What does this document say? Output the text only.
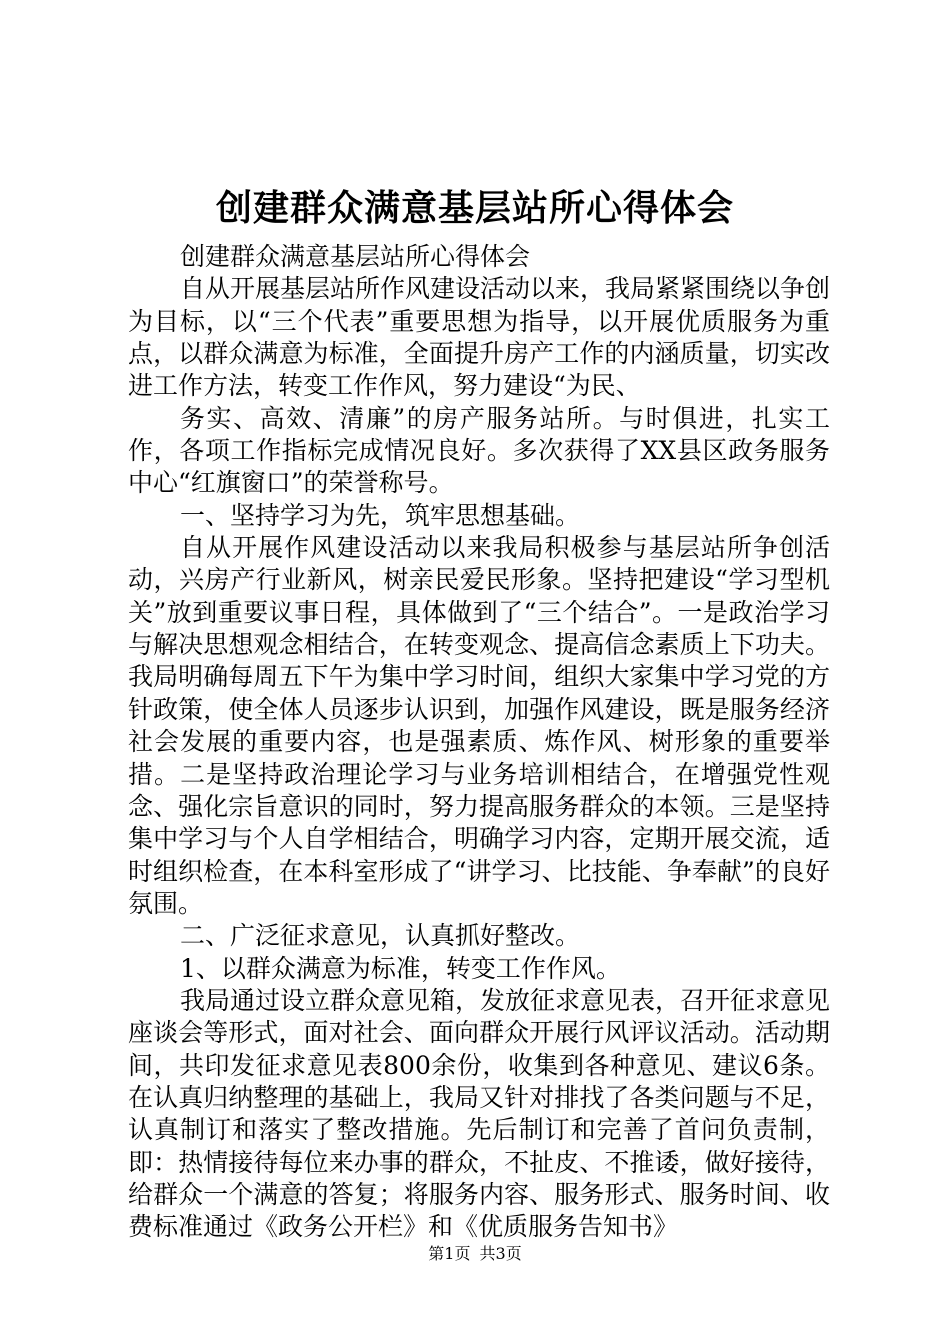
创建群众满意基层站所心得体会

创建群众满意基层站所心得体会

自从开展基层站所作风建设活动以来，我局紧紧围绕以争创为目标，以“三个代表”重要思想为指导，以开展优质服务为重点，以群众满意为标准，全面提升房产工作的内涵质量，切实改进工作方法，转变工作作风，努力建设“为民、

务实、高效、清廉”的房产服务站所。与时俱进，扎实工作，各项工作指标完成情况良好。多次获得了XX县区政务服务中心“红旗窗口”的荣誉称号。

一、坚持学习为先，筑牢思想基础。

自从开展作风建设活动以来我局积极参与基层站所争创活动，兴房产行业新风，树亲民爱民形象。坚持把建设“学习型机关”放到重要议事日程，具体做到了“三个结合”。一是政治学习与解决思想观念相结合，在转变观念、提高信念素质上下功夫。我局明确每周五下午为集中学习时间，组织大家集中学习党的方针政策，使全体人员逐步认识到，加强作风建设，既是服务经济社会发展的重要内容，也是强素质、炼作风、树形象的重要举措。二是坚持政治理论学习与业务培训相结合，在增强党性观念、强化宗旨意识的同时，努力提高服务群众的本领。三是坚持集中学习与个人自学相结合，明确学习内容，定期开展交流，适时组织检查，在本科室形成了“讲学习、比技能、争奉献”的良好氛围。

二、广泛征求意见，认真抓好整改。

1、以群众满意为标准，转变工作作风。

我局通过设立群众意见箱，发放征求意见表，召开征求意见座谈会等形式，面对社会、面向群众开展行风评议活动。活动期间，共印发征求意见表800余份，收集到各种意见、建议6条。在认真归纳整理的基础上，我局又针对排找了各类问题与不足，认真制订和落实了整改措施。先后制订和完善了首问负责制，即：热情接待每位来办事的群众，不扯皮、不推诿，做好接待，给群众一个满意的答复；将服务内容、服务形式、服务时间、收费标准通过《政务公开栏》和《优质服务告知书》

第1页 共3页
